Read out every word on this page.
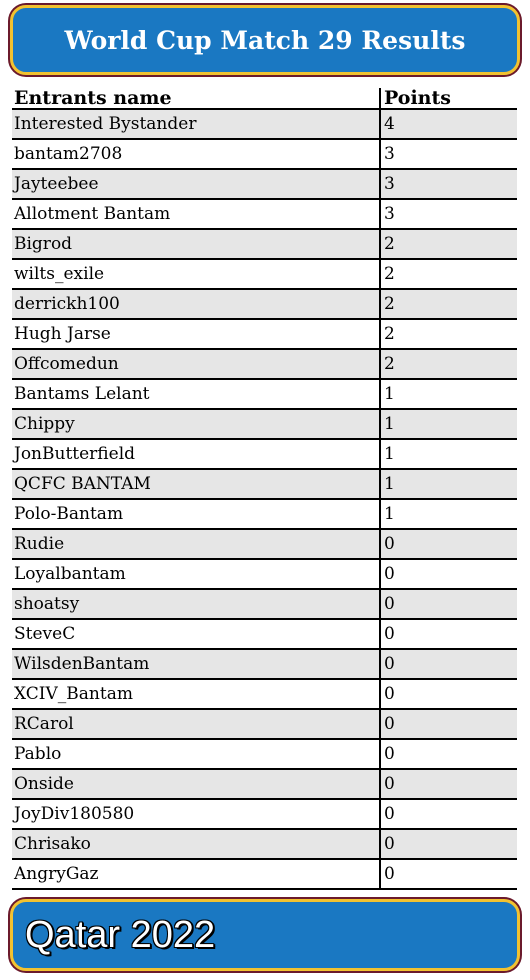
World Cup Match 29 Results
Entrants name	Points
Interested Bystander	4
bantam2708	3
Jayteebee	3
Allotment Bantam	3
Bigrod	2
wilts_exile	2
derrickh100	2
Hugh Jarse	2
Offcomedun	2
Bantams Lelant	1
Chippy	1
JonButterfield	1
QCFC BANTAM	1
Polo-Bantam	1
Rudie	0
Loyalbantam	0
shoatsy	0
SteveC	0
WilsdenBantam	0
XCIV_Bantam	0
RCarol	0
Pablo	0
Onside	0
JoyDiv180580	0
Chrisako	0
AngryGaz	0
Qatar 2022
